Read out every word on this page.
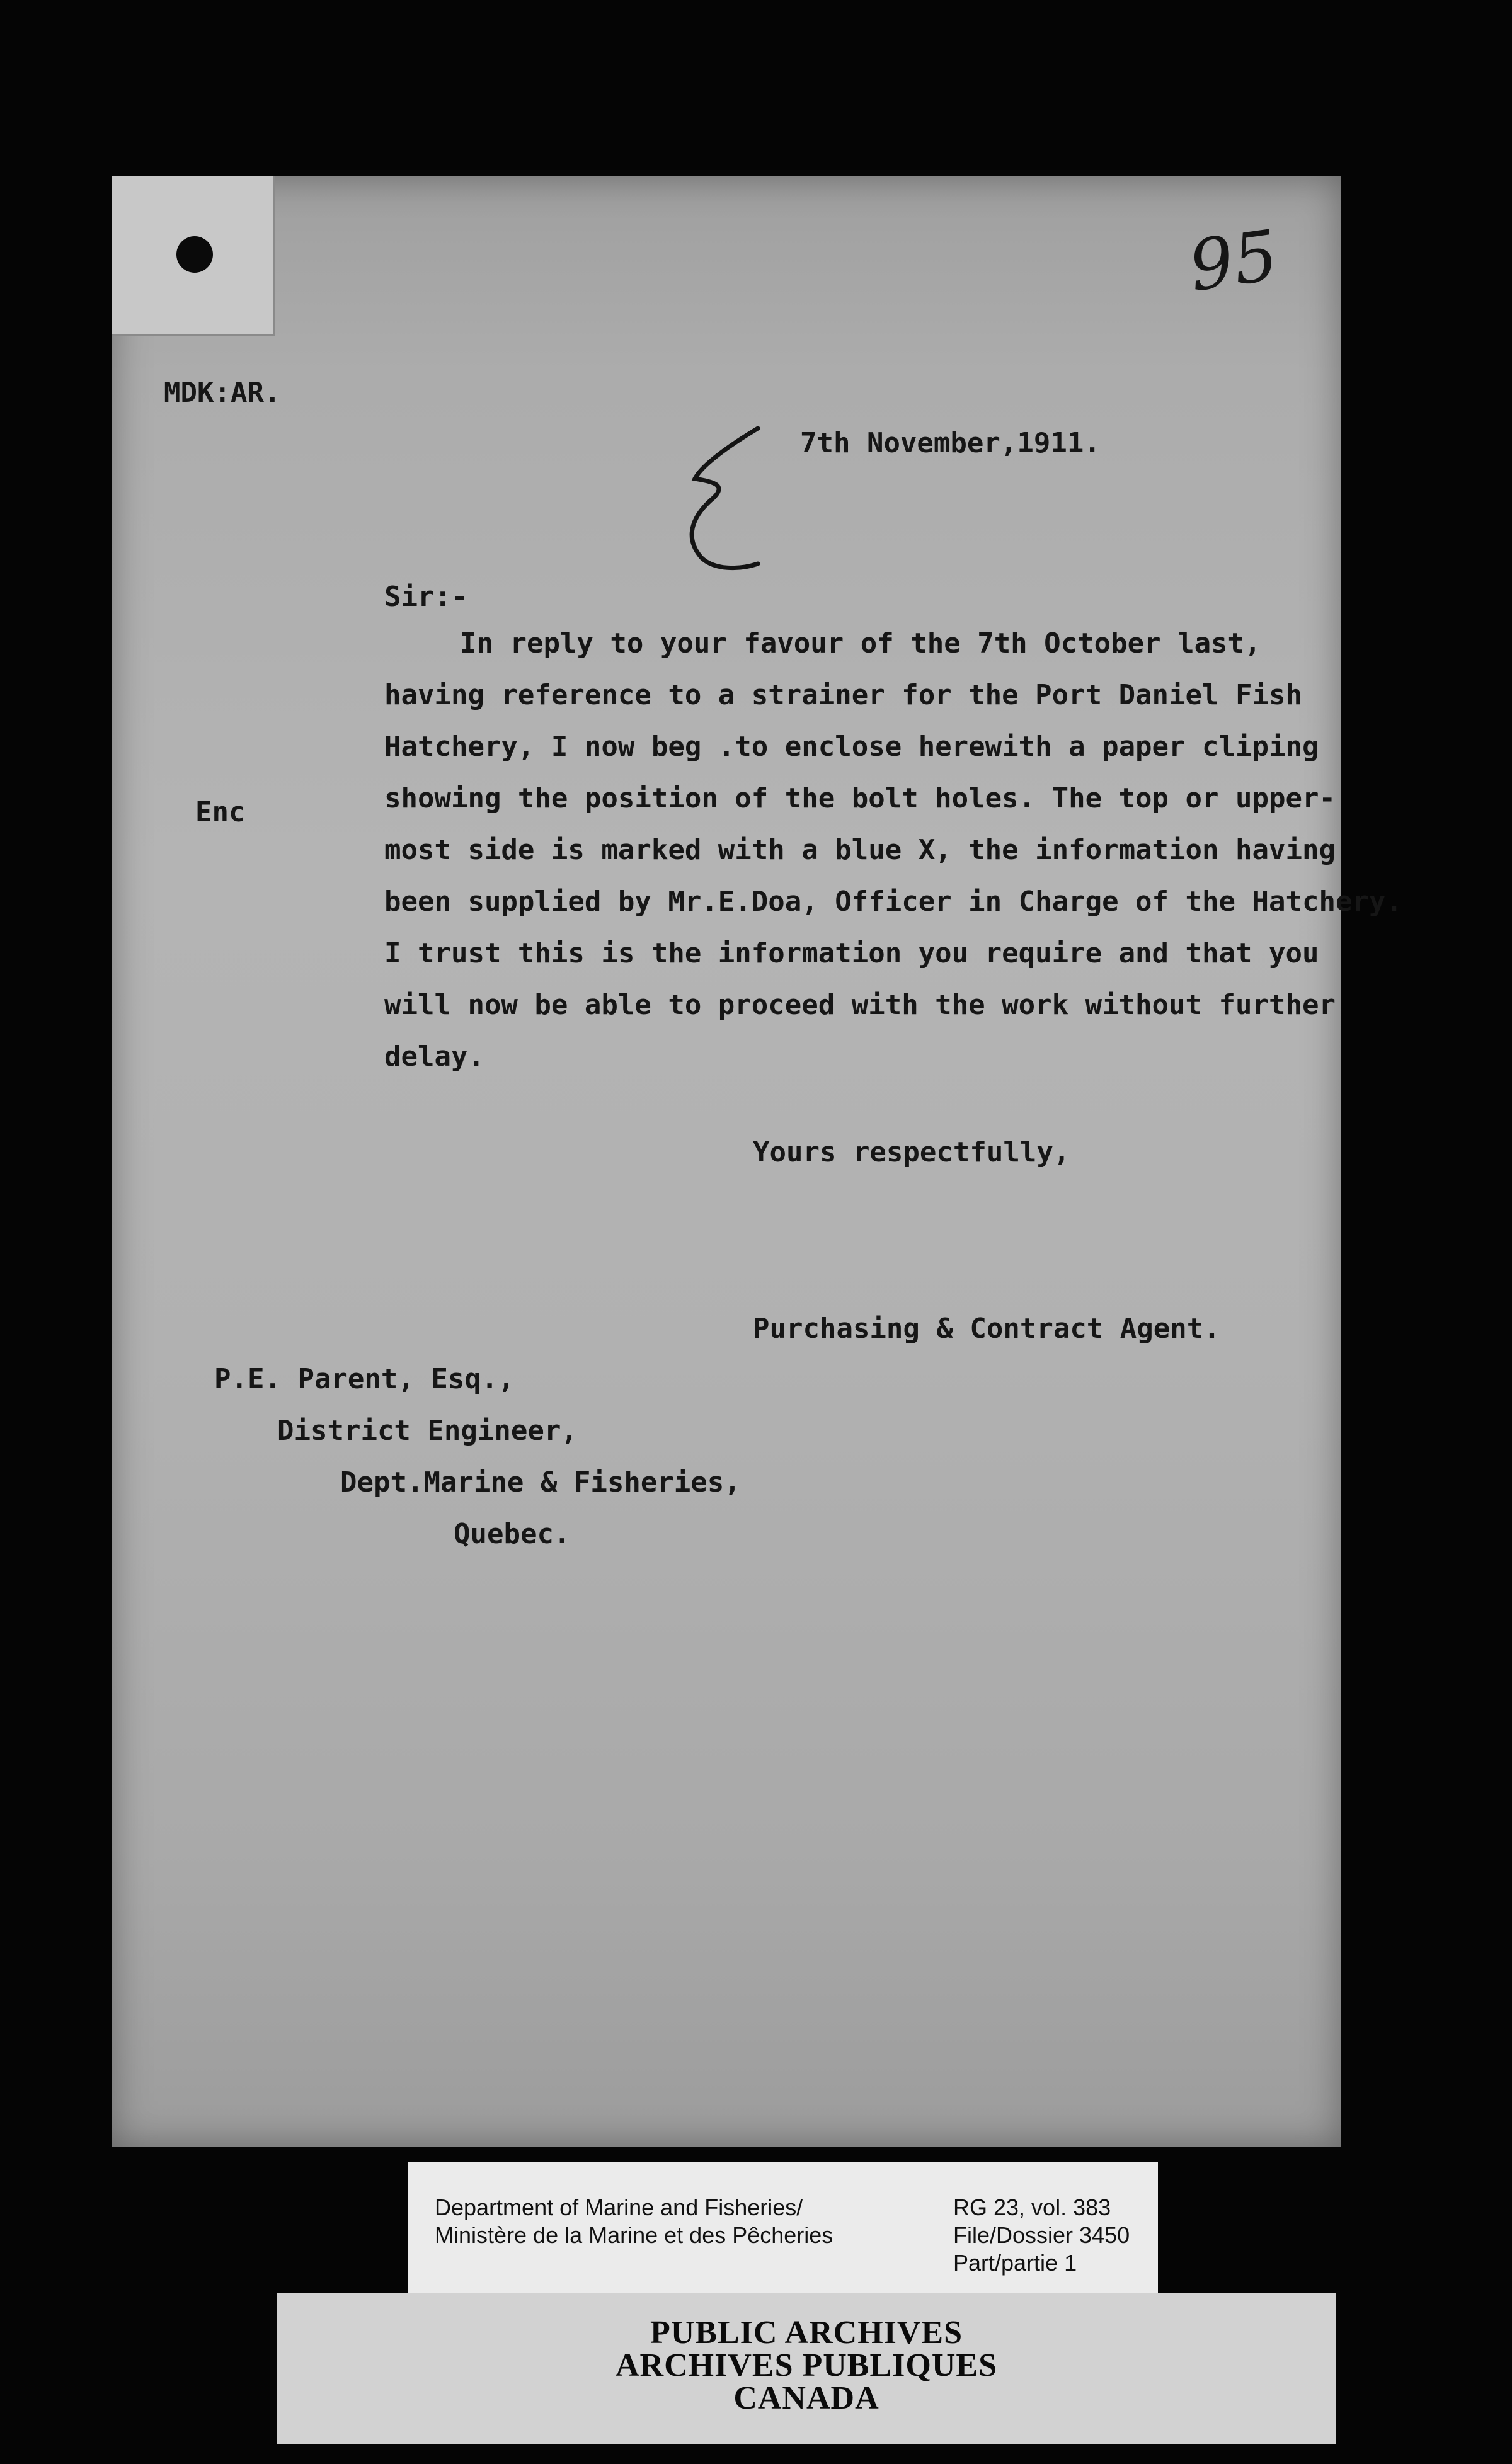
95
MDK:AR.
7th November,1911.
Sir:-
In reply to your favour of the 7th October last,
having reference to a strainer for the Port Daniel Fish
Hatchery, I now beg .to enclose herewith a paper cliping
showing the position of the bolt holes. The top or upper-
most side is marked with a blue X, the information having
been supplied by Mr.E.Doa, Officer in Charge of the Hatchery.
I trust this is the information you require and that you
will now be able to proceed with the work without further
delay.
Enc
Yours respectfully,
Purchasing & Contract Agent.
P.E. Parent, Esq.,
District Engineer,
Dept.Marine & Fisheries,
Quebec.
Department of Marine and Fisheries/
Ministère de la Marine et des Pêcheries
RG 23, vol. 383
File/Dossier 3450
Part/partie 1
PUBLIC ARCHIVES
ARCHIVES PUBLIQUES
CANADA
